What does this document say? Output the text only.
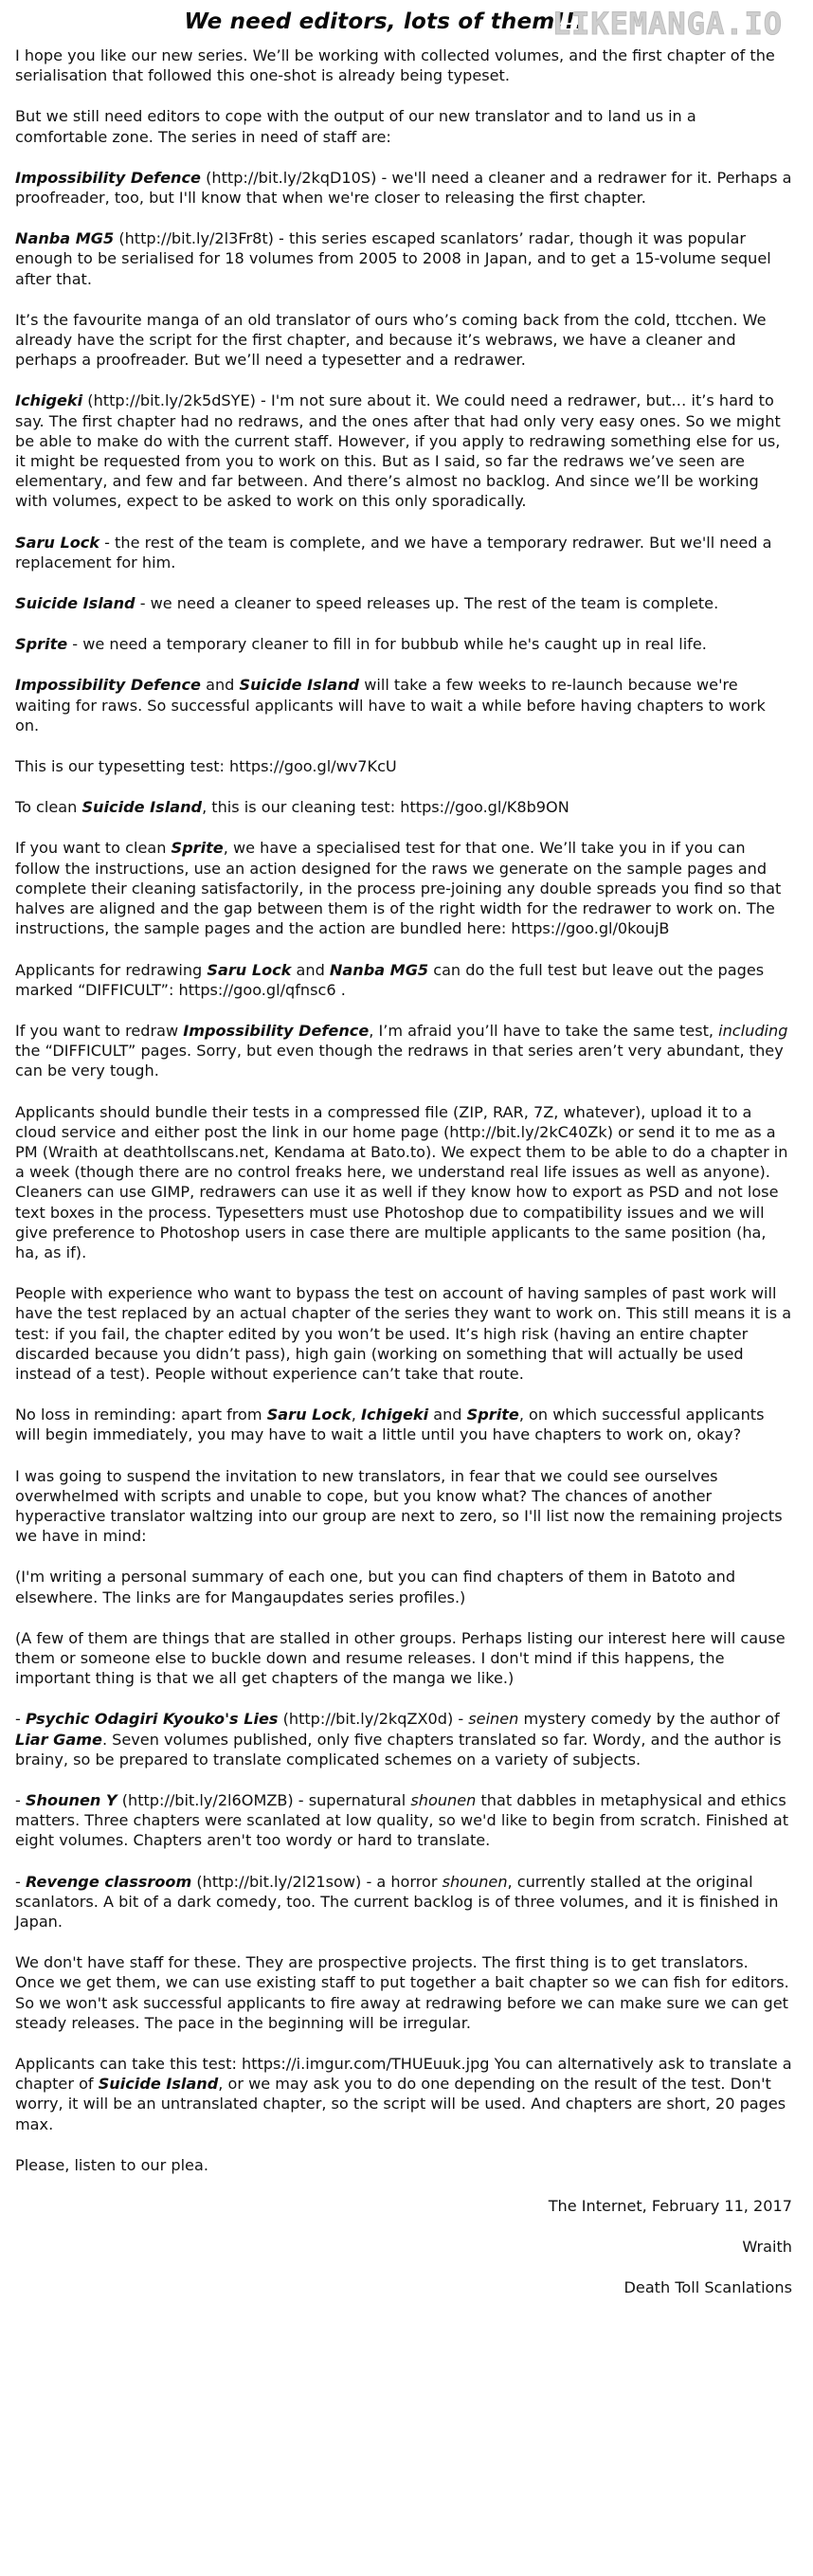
We need editors, lots of them!!!
LIKEMANGA.IO

I hope you like our new series. We’ll be working with collected volumes, and the first chapter of the serialisation that followed this one-shot is already being typeset.

But we still need editors to cope with the output of our new translator and to land us in a comfortable zone. The series in need of staff are:

Impossibility Defence (http://bit.ly/2kqD10S) - we'll need a cleaner and a redrawer for it. Perhaps a proofreader, too, but I'll know that when we're closer to releasing the first chapter.

Nanba MG5 (http://bit.ly/2l3Fr8t) - this series escaped scanlators’ radar, though it was popular enough to be serialised for 18 volumes from 2005 to 2008 in Japan, and to get a 15-volume sequel after that.

It’s the favourite manga of an old translator of ours who’s coming back from the cold, ttcchen. We already have the script for the first chapter, and because it’s webraws, we have a cleaner and perhaps a proofreader. But we’ll need a typesetter and a redrawer.

Ichigeki (http://bit.ly/2k5dSYE) - I'm not sure about it. We could need a redrawer, but… it’s hard to say. The first chapter had no redraws, and the ones after that had only very easy ones. So we might be able to make do with the current staff. However, if you apply to redrawing something else for us, it might be requested from you to work on this. But as I said, so far the redraws we’ve seen are elementary, and few and far between. And there’s almost no backlog. And since we’ll be working with volumes, expect to be asked to work on this only sporadically.

Saru Lock - the rest of the team is complete, and we have a temporary redrawer. But we'll need a replacement for him.

Suicide Island - we need a cleaner to speed releases up. The rest of the team is complete.

Sprite - we need a temporary cleaner to fill in for bubbub while he's caught up in real life.

Impossibility Defence and Suicide Island will take a few weeks to re-launch because we're waiting for raws. So successful applicants will have to wait a while before having chapters to work on.

This is our typesetting test: https://goo.gl/wv7KcU

To clean Suicide Island, this is our cleaning test: https://goo.gl/K8b9ON

If you want to clean Sprite, we have a specialised test for that one. We’ll take you in if you can follow the instructions, use an action designed for the raws we generate on the sample pages and complete their cleaning satisfactorily, in the process pre-joining any double spreads you find so that halves are aligned and the gap between them is of the right width for the redrawer to work on. The instructions, the sample pages and the action are bundled here: https://goo.gl/0koujB

Applicants for redrawing Saru Lock and Nanba MG5 can do the full test but leave out the pages marked “DIFFICULT”: https://goo.gl/qfnsc6 .

If you want to redraw Impossibility Defence, I’m afraid you’ll have to take the same test, including the “DIFFICULT” pages. Sorry, but even though the redraws in that series aren’t very abundant, they can be very tough.

Applicants should bundle their tests in a compressed file (ZIP, RAR, 7Z, whatever), upload it to a cloud service and either post the link in our home page (http://bit.ly/2kC40Zk) or send it to me as a PM (Wraith at deathtollscans.net, Kendama at Bato.to). We expect them to be able to do a chapter in a week (though there are no control freaks here, we understand real life issues as well as anyone). Cleaners can use GIMP, redrawers can use it as well if they know how to export as PSD and not lose text boxes in the process. Typesetters must use Photoshop due to compatibility issues and we will give preference to Photoshop users in case there are multiple applicants to the same position (ha, ha, as if).

People with experience who want to bypass the test on account of having samples of past work will have the test replaced by an actual chapter of the series they want to work on. This still means it is a test: if you fail, the chapter edited by you won’t be used. It’s high risk (having an entire chapter discarded because you didn’t pass), high gain (working on something that will actually be used instead of a test). People without experience can’t take that route.

No loss in reminding: apart from Saru Lock, Ichigeki and Sprite, on which successful applicants will begin immediately, you may have to wait a little until you have chapters to work on, okay?

I was going to suspend the invitation to new translators, in fear that we could see ourselves overwhelmed with scripts and unable to cope, but you know what? The chances of another hyperactive translator waltzing into our group are next to zero, so I'll list now the remaining projects we have in mind:

(I'm writing a personal summary of each one, but you can find chapters of them in Batoto and elsewhere. The links are for Mangaupdates series profiles.)

(A few of them are things that are stalled in other groups. Perhaps listing our interest here will cause them or someone else to buckle down and resume releases. I don't mind if this happens, the important thing is that we all get chapters of the manga we like.)

- Psychic Odagiri Kyouko's Lies (http://bit.ly/2kqZX0d) - seinen mystery comedy by the author of Liar Game. Seven volumes published, only five chapters translated so far. Wordy, and the author is brainy, so be prepared to translate complicated schemes on a variety of subjects.

- Shounen Y (http://bit.ly/2l6OMZB) - supernatural shounen that dabbles in metaphysical and ethics matters. Three chapters were scanlated at low quality, so we'd like to begin from scratch. Finished at eight volumes. Chapters aren't too wordy or hard to translate.

- Revenge classroom (http://bit.ly/2l21sow) - a horror shounen, currently stalled at the original scanlators. A bit of a dark comedy, too. The current backlog is of three volumes, and it is finished in Japan.

We don't have staff for these. They are prospective projects. The first thing is to get translators. Once we get them, we can use existing staff to put together a bait chapter so we can fish for editors. So we won't ask successful applicants to fire away at redrawing before we can make sure we can get steady releases. The pace in the beginning will be irregular.

Applicants can take this test: https://i.imgur.com/THUEuuk.jpg You can alternatively ask to translate a chapter of Suicide Island, or we may ask you to do one depending on the result of the test. Don't worry, it will be an untranslated chapter, so the script will be used. And chapters are short, 20 pages max.

Please, listen to our plea.

The Internet, February 11, 2017
Wraith
Death Toll Scanlations
